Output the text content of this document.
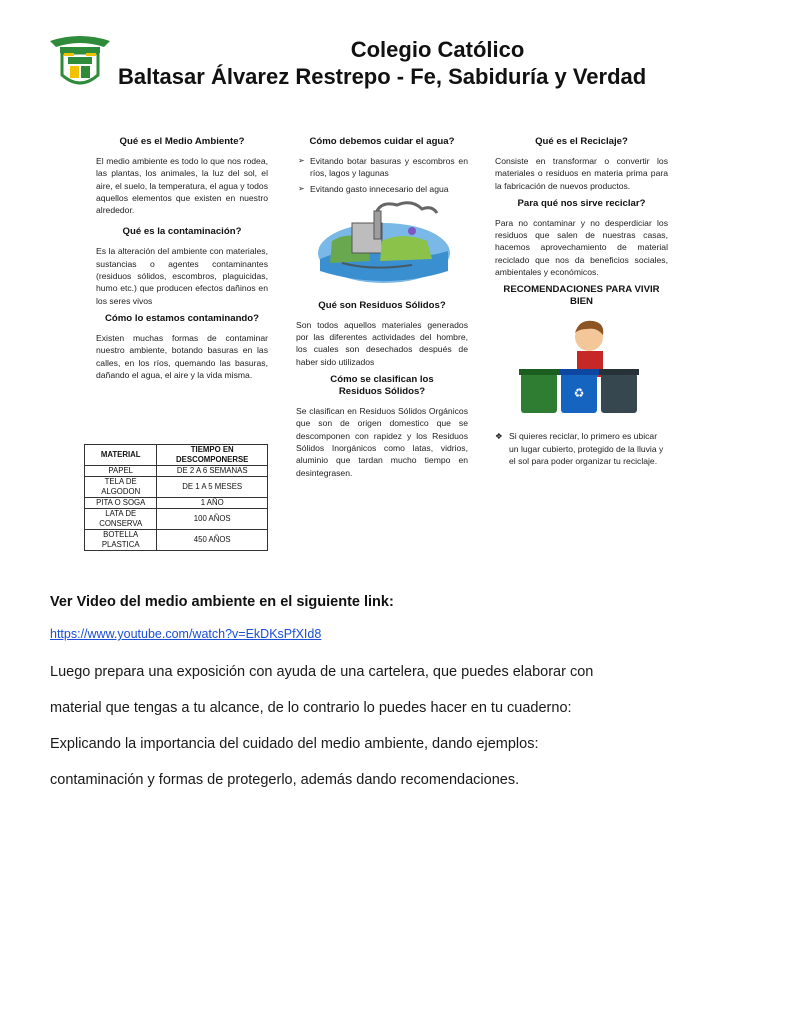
Colegio Católico
Baltasar Álvarez Restrepo - Fe, Sabiduría y Verdad
Qué es el Medio Ambiente?

El medio ambiente es todo lo que nos rodea, las plantas, los animales, la luz del sol, el aire, el suelo, la temperatura, el agua y todos aquellos elementos que existen en nuestro alrededor.

Qué es la contaminación?

Es la alteración del ambiente con materiales, sustancias o agentes contaminantes (residuos sólidos, escombros, plaguicidas, humo etc.) que producen efectos dañinos en los seres vivos

Cómo lo estamos contaminando?

Existen muchas formas de contaminar nuestro ambiente, botando basuras en las calles, en los ríos, quemando las basuras, dañando el agua, el aire y la vida misma.

MATERIAL	TIEMPO EN DESCOMPONERSE
PAPEL	DE 2 A 6 SEMANAS
TELA DE ALGODON	DE 1 A 5 MESES
PITA O SOGA	1 AÑO
LATA DE CONSERVA	100 AÑOS
BOTELLA PLASTICA	450 AÑOS
Cómo debemos cuidar el agua?
➢ Evitando botar basuras y escombros en ríos, lagos y lagunas
➢ Evitando gasto innecesario del agua
Qué son Residuos Sólidos?

Son todos aquellos materiales generados por las diferentes actividades del hombre, los cuales son desechados después de haber sido utilizados

Cómo se clasifican los Residuos Sólidos?

Se clasifican en Residuos Sólidos Orgánicos que son de origen domestico que se descomponen con rapidez y los Residuos Sólidos Inorgánicos como latas, vidrios, aluminio que tardan mucho tiempo en desintegrasen.

Qué es el Reciclaje?

Consiste en transformar o convertir los materiales o residuos en materia prima para la fabricación de nuevos productos.

Para qué nos sirve reciclar?

Para no contaminar y no desperdiciar los residuos que salen de nuestras casas, hacemos aprovechamiento de material reciclado que nos da beneficios sociales, ambientales y económicos.

RECOMENDACIONES PARA VIVIR BIEN
♻

❖ Si quieres reciclar, lo primero es ubicar un lugar cubierto, protegido de la lluvia y el sol para poder organizar tu reciclaje.

Ver Video del medio ambiente en el siguiente link:
https://www.youtube.com/watch?v=EkDKsPfXId8
Luego prepara una exposición con ayuda de una cartelera, que puedes elaborar con
material que tengas a tu alcance, de lo contrario lo puedes hacer en tu cuaderno:
Explicando la importancia del cuidado del medio ambiente, dando ejemplos:
contaminación y formas de protegerlo, además dando recomendaciones.
